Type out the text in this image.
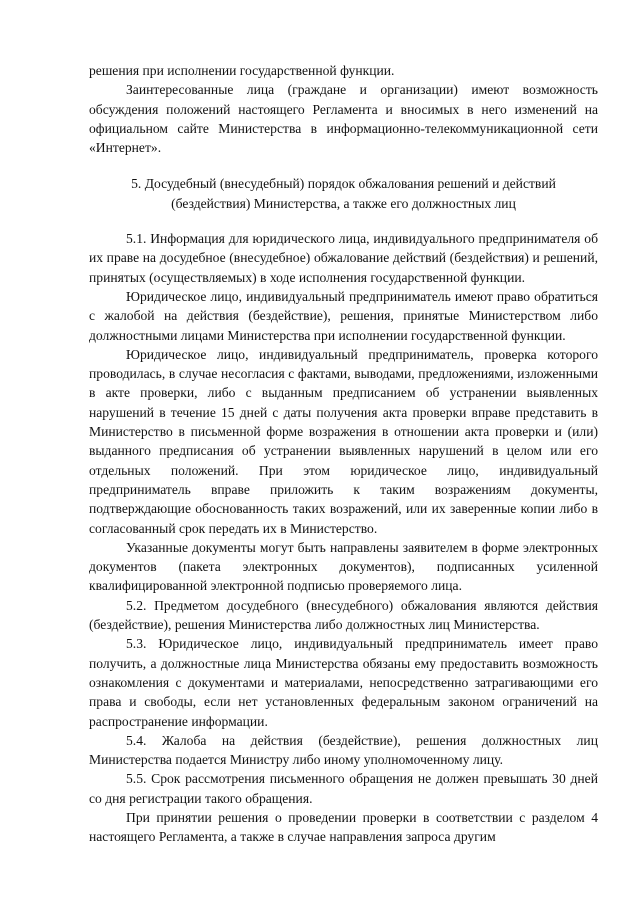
решения при исполнении государственной функции.

Заинтересованные лица (граждане и организации) имеют возможность обсуждения положений настоящего Регламента и вносимых в него изменений на официальном сайте Министерства в информационно-телекоммуникационной сети «Интернет».

5. Досудебный (внесудебный) порядок обжалования решений и действий (бездействия) Министерства, а также его должностных лиц

5.1. Информация для юридического лица, индивидуального предпринимателя об их праве на досудебное (внесудебное) обжалование действий (бездействия) и решений, принятых (осуществляемых) в ходе исполнения государственной функции.

Юридическое лицо, индивидуальный предприниматель имеют право обратиться с жалобой на действия (бездействие), решения, принятые Министерством либо должностными лицами Министерства при исполнении государственной функции.

Юридическое лицо, индивидуальный предприниматель, проверка которого проводилась, в случае несогласия с фактами, выводами, предложениями, изложенными в акте проверки, либо с выданным предписанием об устранении выявленных нарушений в течение 15 дней с даты получения акта проверки вправе представить в Министерство в письменной форме возражения в отношении акта проверки и (или) выданного предписания об устранении выявленных нарушений в целом или его отдельных положений. При этом юридическое лицо, индивидуальный предприниматель вправе приложить к таким возражениям документы, подтверждающие обоснованность таких возражений, или их заверенные копии либо в согласованный срок передать их в Министерство.

Указанные документы могут быть направлены заявителем в форме электронных документов (пакета электронных документов), подписанных усиленной квалифицированной электронной подписью проверяемого лица.

5.2. Предметом досудебного (внесудебного) обжалования являются действия (бездействие), решения Министерства либо должностных лиц Министерства.

5.3. Юридическое лицо, индивидуальный предприниматель имеет право получить, а должностные лица Министерства обязаны ему предоставить возможность ознакомления с документами и материалами, непосредственно затрагивающими его права и свободы, если нет установленных федеральным законом ограничений на распространение информации.

5.4. Жалоба на действия (бездействие), решения должностных лиц Министерства подается Министру либо иному уполномоченному лицу.

5.5. Срок рассмотрения письменного обращения не должен превышать 30 дней со дня регистрации такого обращения.

При принятии решения о проведении проверки в соответствии с разделом 4 настоящего Регламента, а также в случае направления запроса другим
